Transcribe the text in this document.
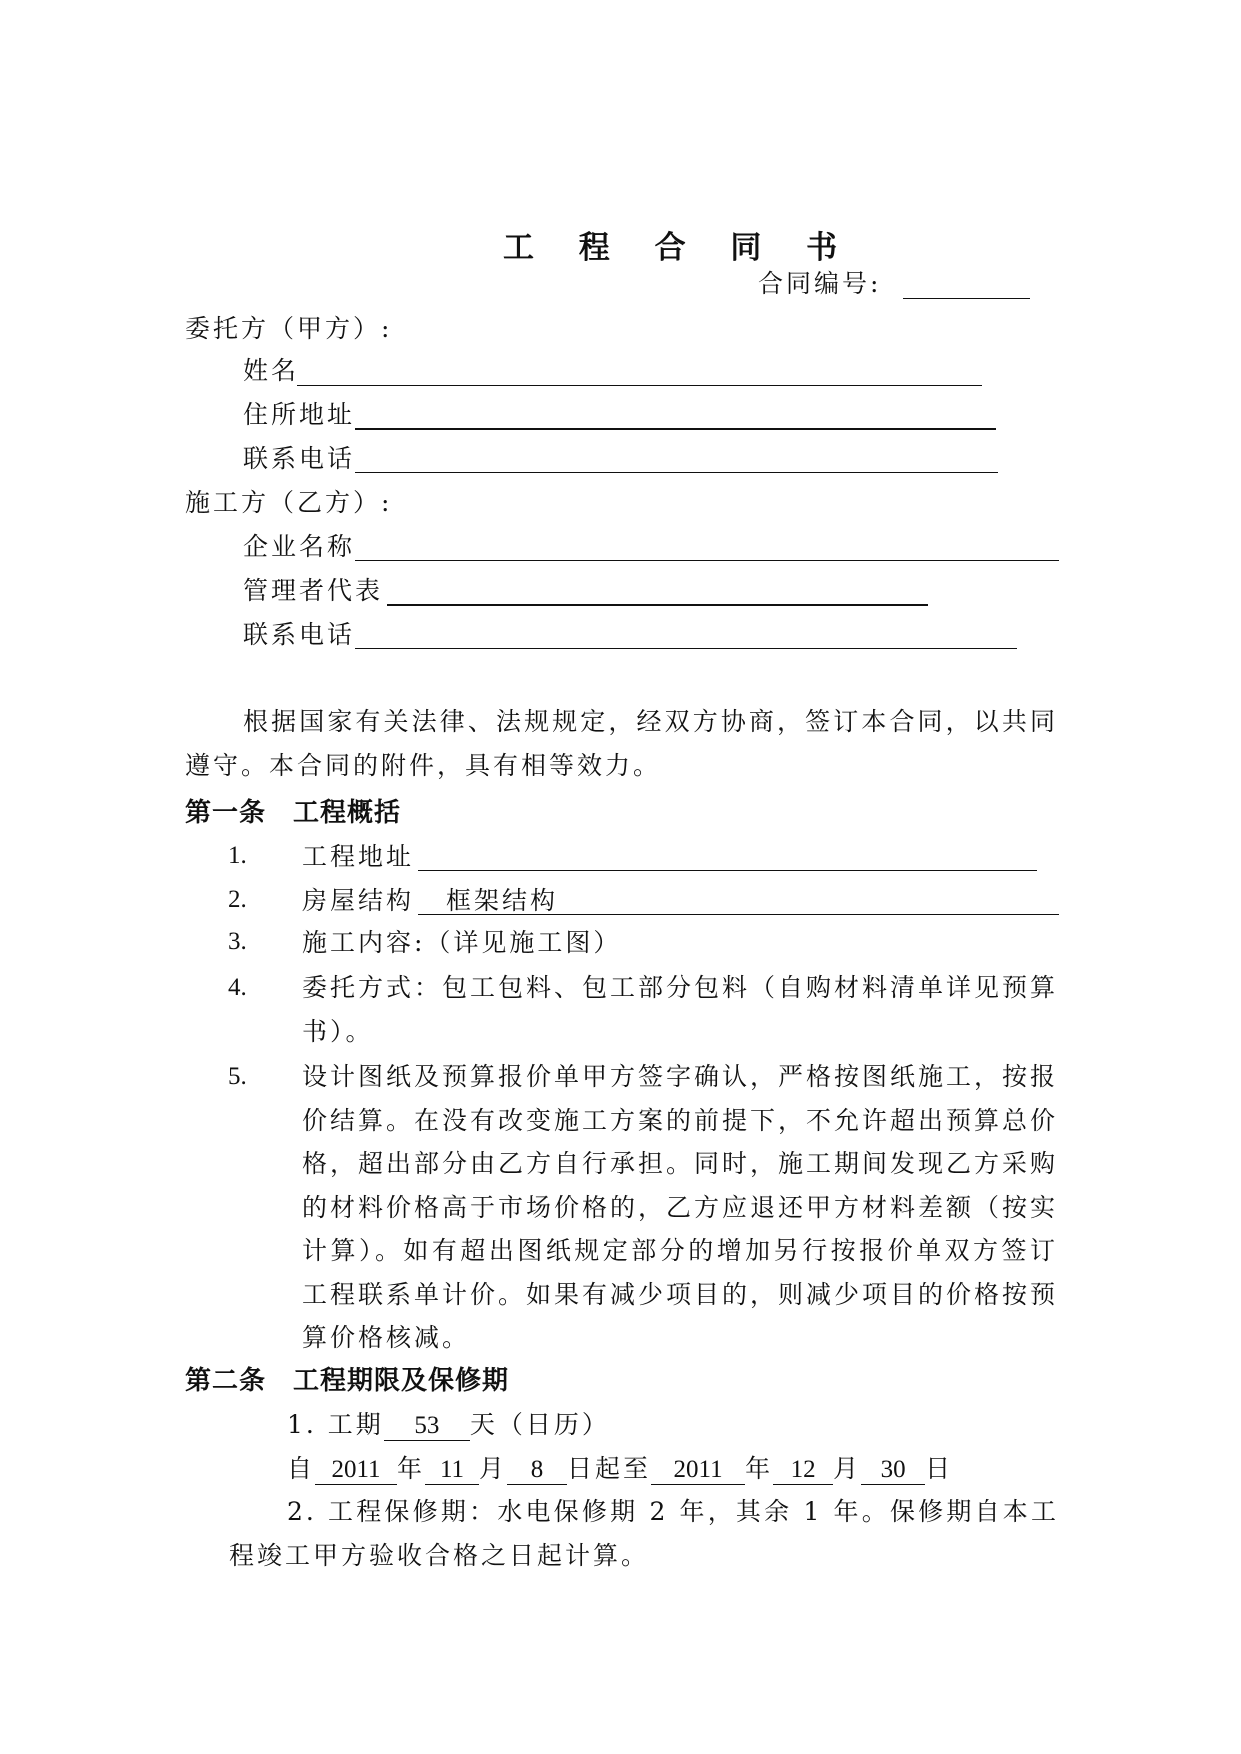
工 程 合 同 书
合同编号:
委托方（甲方）:
姓名
住所地址
联系电话
施工方（乙方）:
企业名称
管理者代表
联系电话
根据国家有关法律、法规规定，经双方协商，签订本合同，以共同遵守。本合同的附件，具有相等效力。
第一条　工程概括
1. 工程地址
2. 房屋结构 框架结构
3. 施工内容:（详见施工图）
4. 委托方式：包工包料、包工部分包料（自购材料清单详见预算书）。
5. 设计图纸及预算报价单甲方签字确认，严格按图纸施工，按报价结算。在没有改变施工方案的前提下，不允许超出预算总价格，超出部分由乙方自行承担。同时，施工期间发现乙方采购的材料价格高于市场价格的，乙方应退还甲方材料差额（按实计算）。如有超出图纸规定部分的增加另行按报价单双方签订工程联系单计价。如果有减少项目的，则减少项目的价格按预算价格核减。
第二条　工程期限及保修期
1. 工期 53 天（日历）
自 2011 年 11 月 8 日起至 2011 年 12 月 30 日
2. 工程保修期：水电保修期 2 年，其余 1 年。保修期自本工程竣工甲方验收合格之日起计算。
